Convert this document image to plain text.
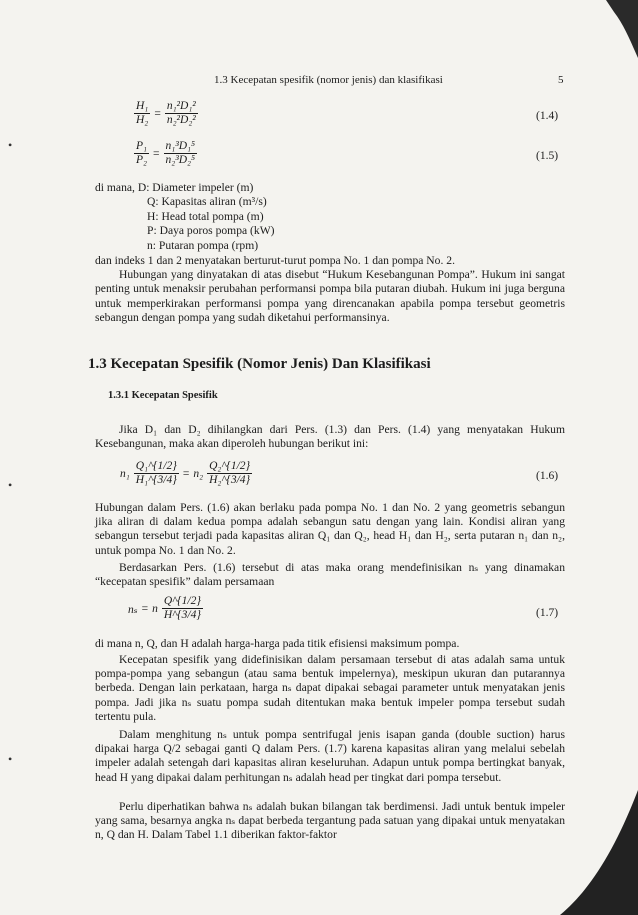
•
•
•
1.3 Kecepatan spesifik (nomor jenis) dan klasifikasi	5
$\frac{\text{H₁}}{\text{H₂}} = \frac{\text{n₁²D₁²}}{\text{n₂²D₂²}}$	(1.4)
$\frac{\text{P₁}}{\text{P₂}} = \frac{\text{n₁³D₁⁵}}{\text{n₂³D₂⁵}}$	(1.5)
di mana, D: Diameter impeler (m)
Q: Kapasitas aliran (m³/s)
H: Head total pompa (m)
P: Daya poros pompa (kW)
n: Putaran pompa (rpm)
dan indeks 1 dan 2 menyatakan berturut-turut pompa No. 1 dan pompa No. 2.
Hubungan yang dinyatakan di atas disebut “Hukum Kesebangunan Pompa”. Hukum ini sangat penting untuk menaksir perubahan performansi pompa bila putaran diubah. Hukum ini juga berguna untuk memperkirakan performansi pompa yang direncanakan apabila pompa tersebut geometris sebangun dengan pompa yang sudah diketahui performansinya.
1.3 Kecepatan Spesifik (Nomor Jenis) Dan Klasifikasi
1.3.1 Kecepatan Spesifik
Jika D₁ dan D₂ dihilangkan dari Pers. (1.3) dan Pers. (1.4) yang menyatakan Hukum Kesebangunan, maka akan diperoleh hubungan berikut ini:
$n_1 \frac{\text{Q₁\textasciicircum{}\{1/2\}}}{\text{H₁\textasciicircum{}\{3/4\}}} = n_2 \frac{\text{Q₂\textasciicircum{}\{1/2\}}}{\text{H₂\textasciicircum{}\{3/4\}}}$	(1.6)
Hubungan dalam Pers. (1.6) akan berlaku pada pompa No. 1 dan No. 2 yang geometris sebangun jika aliran di dalam kedua pompa adalah sebangun satu dengan yang lain. Kondisi aliran yang sebangun tersebut terjadi pada kapasitas aliran Q₁ dan Q₂, head H₁ dan H₂, serta putaran n₁ dan n₂, untuk pompa No. 1 dan No. 2.
Berdasarkan Pers. (1.6) tersebut di atas maka orang mendefinisikan nₛ yang dinamakan “kecepatan spesifik” dalam persamaan
nₛ = n $\frac{Q\^{}\{1/2\}}{H\^{}\{3/4\}}$	(1.7)
di mana n, Q, dan H adalah harga-harga pada titik efisiensi maksimum pompa.
Kecepatan spesifik yang didefinisikan dalam persamaan tersebut di atas adalah sama untuk pompa-pompa yang sebangun (atau sama bentuk impelernya), meskipun ukuran dan putarannya berbeda. Dengan lain perkataan, harga nₛ dapat dipakai sebagai parameter untuk menyatakan jenis pompa. Jadi jika nₛ suatu pompa sudah ditentukan maka bentuk impeler pompa tersebut sudah tertentu pula.
Dalam menghitung nₛ untuk pompa sentrifugal jenis isapan ganda (double suction) harus dipakai harga Q/2 sebagai ganti Q dalam Pers. (1.7) karena kapasitas aliran yang melalui sebelah impeler adalah setengah dari kapasitas aliran keseluruhan. Adapun untuk pompa bertingkat banyak, head H yang dipakai dalam perhitungan nₛ adalah head per tingkat dari pompa tersebut.
Perlu diperhatikan bahwa nₛ adalah bukan bilangan tak berdimensi. Jadi untuk bentuk impeler yang sama, besarnya angka nₛ dapat berbeda tergantung pada satuan yang dipakai untuk menyatakan n, Q dan H. Dalam Tabel 1.1 diberikan faktor-faktor
